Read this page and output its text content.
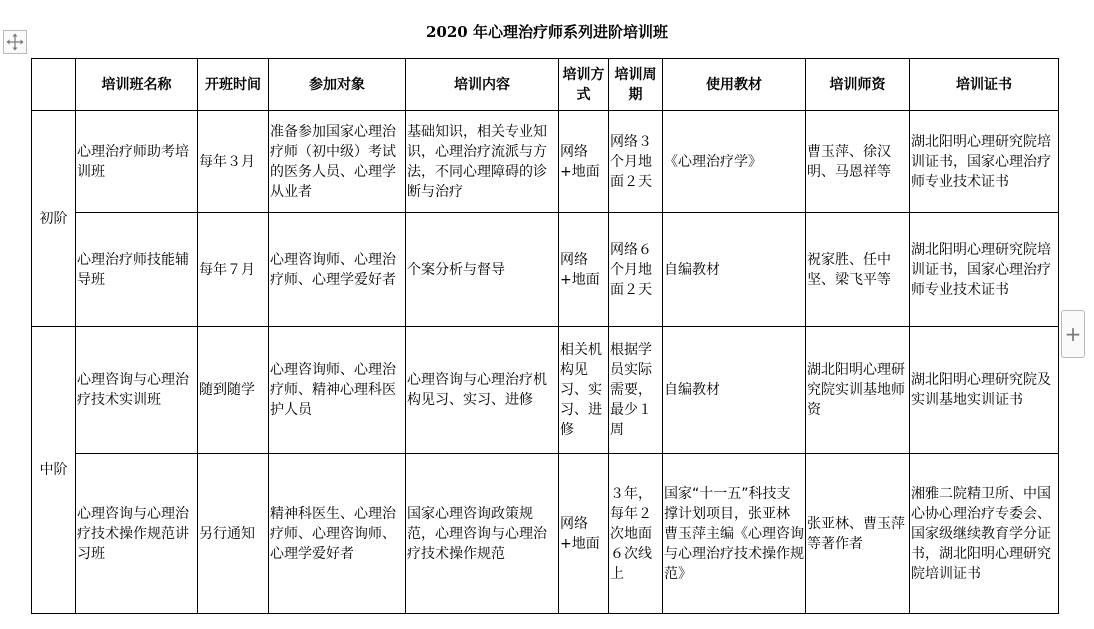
2020 年心理治疗师系列进阶培训班
	培训班名称	开班时间	参加对象	培训内容	培训方式	培训周期	使用教材	培训师资	培训证书
初阶	心理治疗师助考培训班	每年３月	准备参加国家心理治疗师（初中级）考试的医务人员、心理学从业者	基础知识，相关专业知识，心理治疗流派与方法，不同心理障碍的诊断与治疗	网络+地面	网络３个月地面２天	《心理治疗学》	曹玉萍、徐汉明、马恩祥等	湖北阳明心理研究院培训证书，国家心理治疗师专业技术证书
	心理治疗师技能辅导班	每年７月	心理咨询师、心理治疗师、心理学爱好者	个案分析与督导	网络+地面	网络６个月地面２天	自编教材	祝家胜、任中坚、梁飞平等	湖北阳明心理研究院培训证书，国家心理治疗师专业技术证书
中阶	心理咨询与心理治疗技术实训班	随到随学	心理咨询师、心理治疗师、精神心理科医护人员	心理咨询与心理治疗机构见习、实习、进修	相关机构见习、实习、进修	根据学员实际需要，最少１周	自编教材	湖北阳明心理研究院实训基地师资	湖北阳明心理研究院及实训基地实训证书
	心理咨询与心理治疗技术操作规范讲习班	另行通知	精神科医生、心理治疗师、心理咨询师、心理学爱好者	国家心理咨询政策规范，心理咨询与心理治疗技术操作规范	网络+地面	３年，每年２次地面６次线上	国家“十一五”科技支撑计划项目，张亚林 曹玉萍主编《心理咨询与心理治疗技术操作规范》	张亚林、曹玉萍等著作者	湘雅二院精卫所、中国心协心理治疗专委会、国家级继续教育学分证书，湖北阳明心理研究院培训证书
+
